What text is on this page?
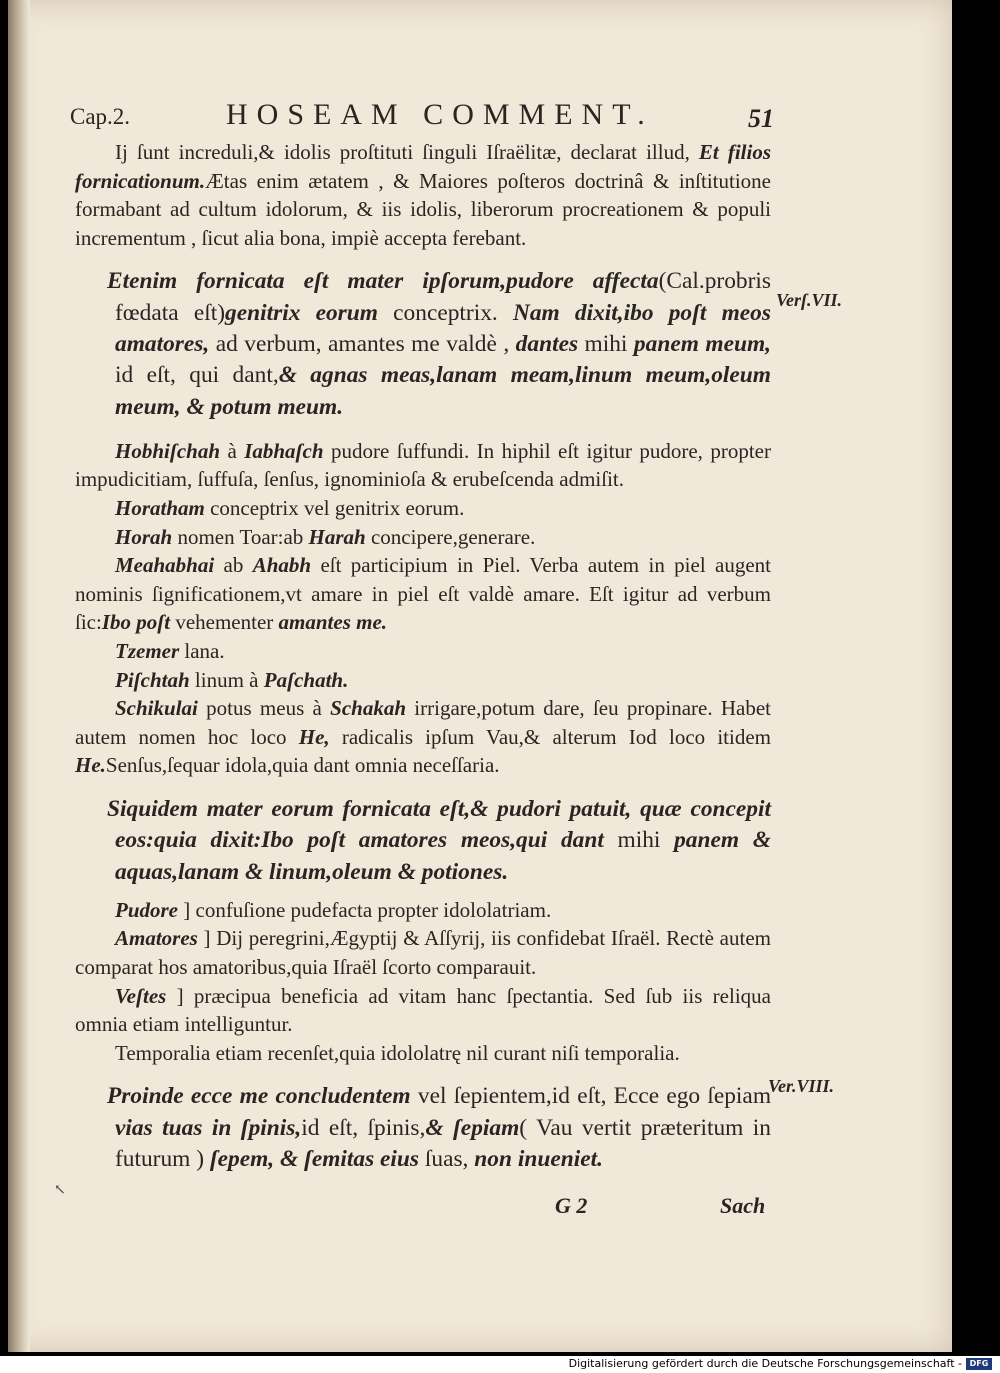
Cap.2.	HOSEAM COMMENT.	51
Verſ.VII.
Ver.VIII.

Ij ſunt increduli,& idolis proſtituti ſinguli Iſraëlitæ, declarat illud, Et filios fornicationum.Ætas enim ætatem , & Maiores poſteros doctrinâ & inſtitutione formabant ad cultum idolorum, & iis idolis, liberorum procreationem & populi incrementum , ſicut alia bona, impiè accepta ferebant.

Etenim fornicata eſt mater ipſorum,pudore affecta(Cal.probris fœdata eſt)genitrix eorum conceptrix. Nam dixit,ibo poſt meos amatores, ad verbum, amantes me valdè , dantes mihi panem meum, id eſt, qui dant,& agnas meas,lanam meam,linum meum,oleum meum, & potum meum.

Hobhiſchah à Iabhaſch pudore ſuffundi. In hiphil eſt igitur pudore, propter impudicitiam, ſuffuſa, ſenſus, ignominioſa & erubeſcenda admiſit.

Horatham conceptrix vel genitrix eorum.

Horah nomen Toar:ab Harah concipere,generare.

Meahabhai ab Ahabh eſt participium in Piel. Verba autem in piel augent nominis ſignificationem,vt amare in piel eſt valdè amare. Eſt igitur ad verbum ſic:Ibo poſt vehementer amantes me.

Tzemer lana.

Piſchtah linum à Paſchath.

Schikulai potus meus à Schakah irrigare,potum dare, ſeu propinare. Habet autem nomen hoc loco He, radicalis ipſum Vau,& alterum Iod loco itidem He.Senſus,ſequar idola,quia dant omnia neceſſaria.

Siquidem mater eorum fornicata eſt,& pudori patuit, quæ concepit eos:quia dixit:Ibo poſt amatores meos,qui dant mihi panem & aquas,lanam & linum,oleum & potiones.

Pudore ] confuſione pudefacta propter idololatriam.

Amatores ] Dij peregrini,Ægyptij & Aſſyrij, iis confidebat Iſraël. Rectè autem comparat hos amatoribus,quia Iſraël ſcorto comparauit.

Veſtes ] præcipua beneficia ad vitam hanc ſpectantia. Sed ſub iis reliqua omnia etiam intelliguntur.

Temporalia etiam recenſet,quia idololatrę nil curant niſi temporalia.

Proinde ecce me concludentem vel ſepientem,id eſt, Ecce ego ſepiam vias tuas in ſpinis,id eſt, ſpinis,& ſepiam( Vau vertit præteritum in futurum ) ſepem, & ſemitas eius ſuas, non inueniet.

↖
G 2	Sach
Digitalisierung gefördert durch die Deutsche Forschungsgemeinschaft - DFG
